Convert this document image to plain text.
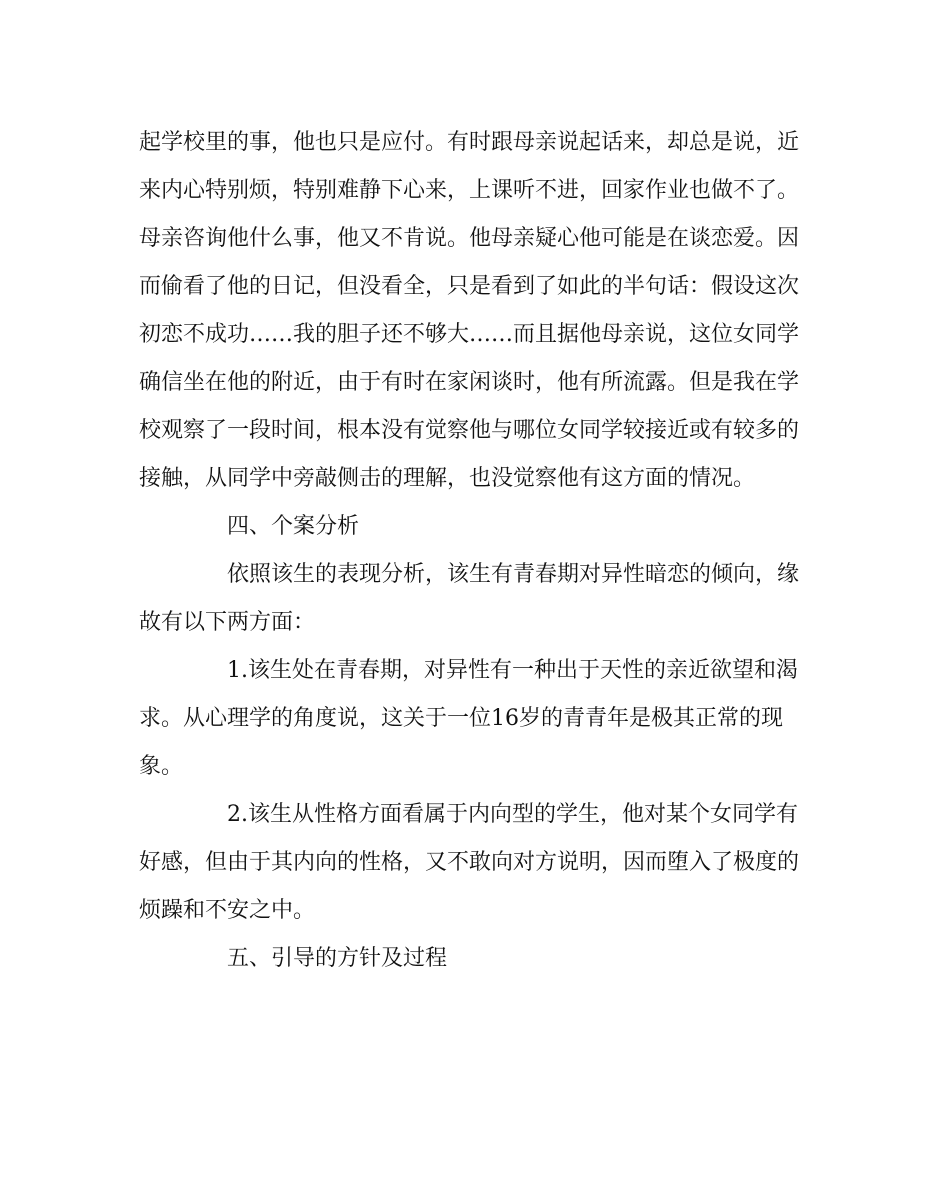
起学校里的事，他也只是应付。有时跟母亲说起话来，却总是说，近
来内心特别烦，特别难静下心来，上课听不进，回家作业也做不了。
母亲咨询他什么事，他又不肯说。他母亲疑心他可能是在谈恋爱。因
而偷看了他的日记，但没看全，只是看到了如此的半句话：假设这次
初恋不成功……我的胆子还不够大……而且据他母亲说，这位女同学
确信坐在他的附近，由于有时在家闲谈时，他有所流露。但是我在学
校观察了一段时间，根本没有觉察他与哪位女同学较接近或有较多的
接触，从同学中旁敲侧击的理解，也没觉察他有这方面的情况。
四、个案分析
依照该生的表现分析，该生有青春期对异性暗恋的倾向，缘
故有以下两方面：
1.该生处在青春期，对异性有一种出于天性的亲近欲望和渴
求。从心理学的角度说，这关于一位16岁的青青年是极其正常的现
象。
2.该生从性格方面看属于内向型的学生，他对某个女同学有
好感，但由于其内向的性格，又不敢向对方说明，因而堕入了极度的
烦躁和不安之中。
五、引导的方针及过程
